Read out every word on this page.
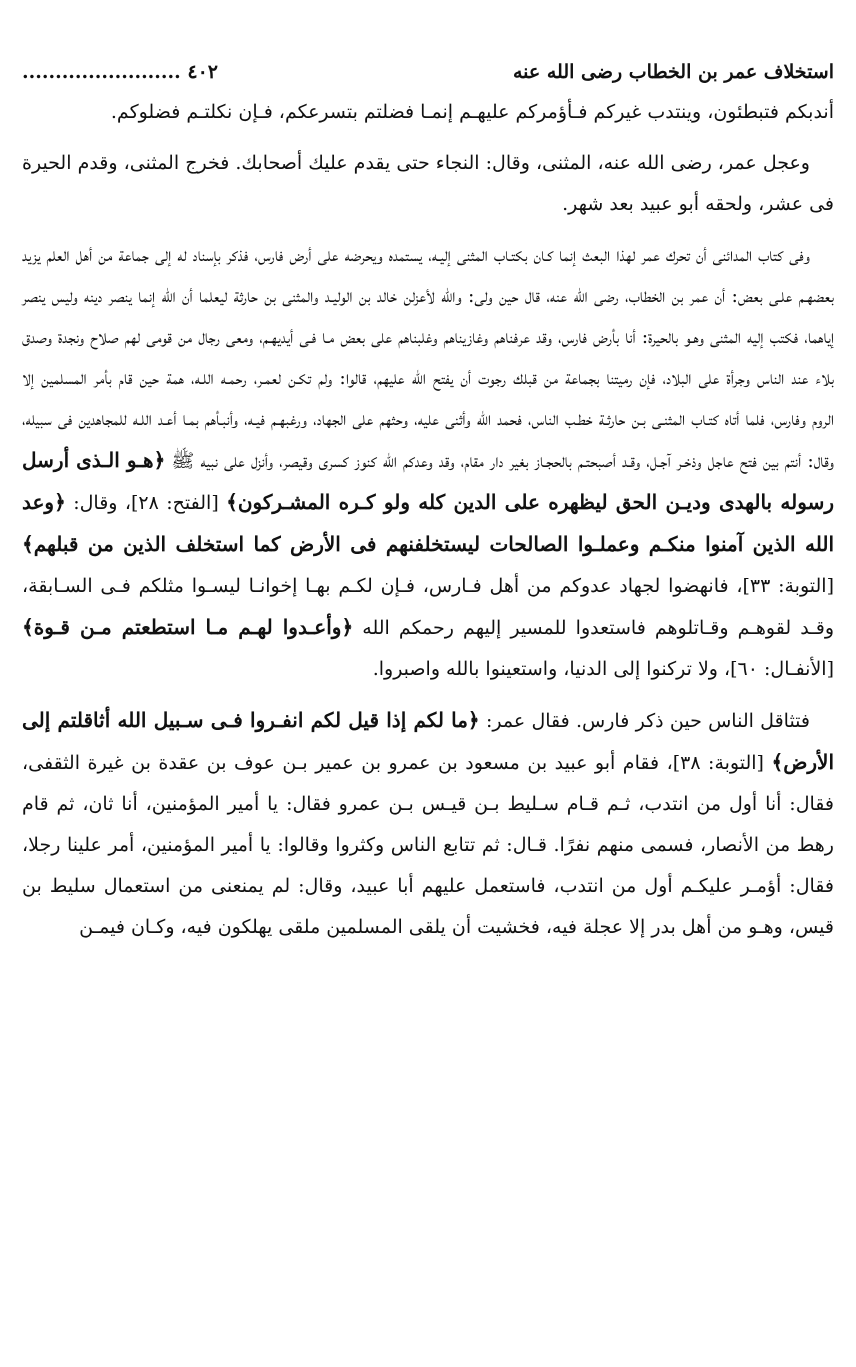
استخلاف عمر بن الخطاب رضى الله عنه
٤٠٢ ........................

أندبكم فتبطئون، وينتدب غيركم فـأؤمركم عليهـم إنمـا فضلتم بتسرعكم، فـإن نكلتـم فضلوكم.

وعجل عمر، رضى الله عنه، المثنى، وقال: النجاء حتى يقدم عليك أصحابك. فخرج المثنى، وقدم الحيرة فى عشر، ولحقه أبو عبيد بعد شهر.

وفى كتاب المدائنى أن تحرك عمر لهذا البعث إنما كـان بكتـاب المثنى إليـه، يستمده ويحرضه على أرض فارس، فذكر بإسناد له إلى جماعة من أهل العلم يزيد بعضهـم علـى بعض: أن عمر بن الخطاب، رضى الله عنه، قال حين ولى: والله لأعزلن خالد بن الوليـد والمثنى بن حارثة ليعلما أن الله إنما ينصر دينه وليس ينصر إياهما، فكتب إليه المثنى وهـو بالحيرة: أنا بأرض فارس، وقد عرفناهم وغازيناهم وغلبناهم على بعض مـا فـى أيديهـم، ومعى رجال من قومى لهم صلاح ونجدة وصدق بلاء عند الناس وجرأة على البلاد، فإن رميتنا بجماعة من قبلك رجوت أن يفتح الله عليهم، قالوا: ولم تكـن لعمـر، رحمـه اللـه، همة حين قام بأمر المسلمين إلا الروم وفارس، فلما أتاه كتـاب المثنـى بـن حارثـة خطـب الناس، فحمد الله وأثنى عليه، وحثهم على الجهاد، ورغبهـم فيـه، وأنبـأهم بمـا أعـد اللـه للمجاهدين فى سبيله، وقال: أنتم بين فتح عاجل وذخـر آجـل، وقـد أصبحتـم بالحجـاز بغير دار مقام، وقد وعدكم الله كنوز كسرى وقيصر، وأنزل على نبيه ﷺ ﴿هـو الـذى أرسل رسوله بالهدى وديـن الحق ليظهره على الدين كله ولو كـره المشـركون﴾ [الفتح: ٢٨]، وقال: ﴿وعد الله الذين آمنوا منكـم وعملـوا الصالحات ليستخلفنهم فى الأرض كما استخلف الذين من قبلهم﴾ [التوبة: ٣٣]، فانهضوا لجهاد عدوكم من أهل فـارس، فـإن لكـم بهـا إخوانـا ليسـوا مثلكم فـى السـابقة، وقـد لقوهـم وقـاتلوهم فاستعدوا للمسير إليهم رحمكم الله ﴿وأعـدوا لهـم مـا استطعتم مـن قـوة﴾ [الأنفـال: ٦٠]، ولا تركنوا إلى الدنيا، واستعينوا بالله واصبروا.

فتثاقل الناس حين ذكر فارس. فقال عمر: ﴿ما لكم إذا قيل لكم انفـروا فـى سـبيل الله أثاقلتم إلى الأرض﴾ [التوبة: ٣٨]، فقام أبو عبيد بن مسعود بن عمرو بن عمير بـن عوف بن عقدة بن غيرة الثقفى، فقال: أنا أول من انتدب، ثـم قـام سـليط بـن قيـس بـن عمرو فقال: يا أمير المؤمنين، أنا ثان، ثم قام رهط من الأنصار، فسمى منهم نفرًا. قـال: ثم تتابع الناس وكثروا وقالوا: يا أمير المؤمنين، أمر علينا رجلا، فقال: أؤمـر عليكـم أول من انتدب، فاستعمل عليهم أبا عبيد، وقال: لم يمنعنى من استعمال سليط بن قيس، وهـو من أهل بدر إلا عجلة فيه، فخشيت أن يلقى المسلمين ملقى يهلكون فيه، وكـان فيمـن
